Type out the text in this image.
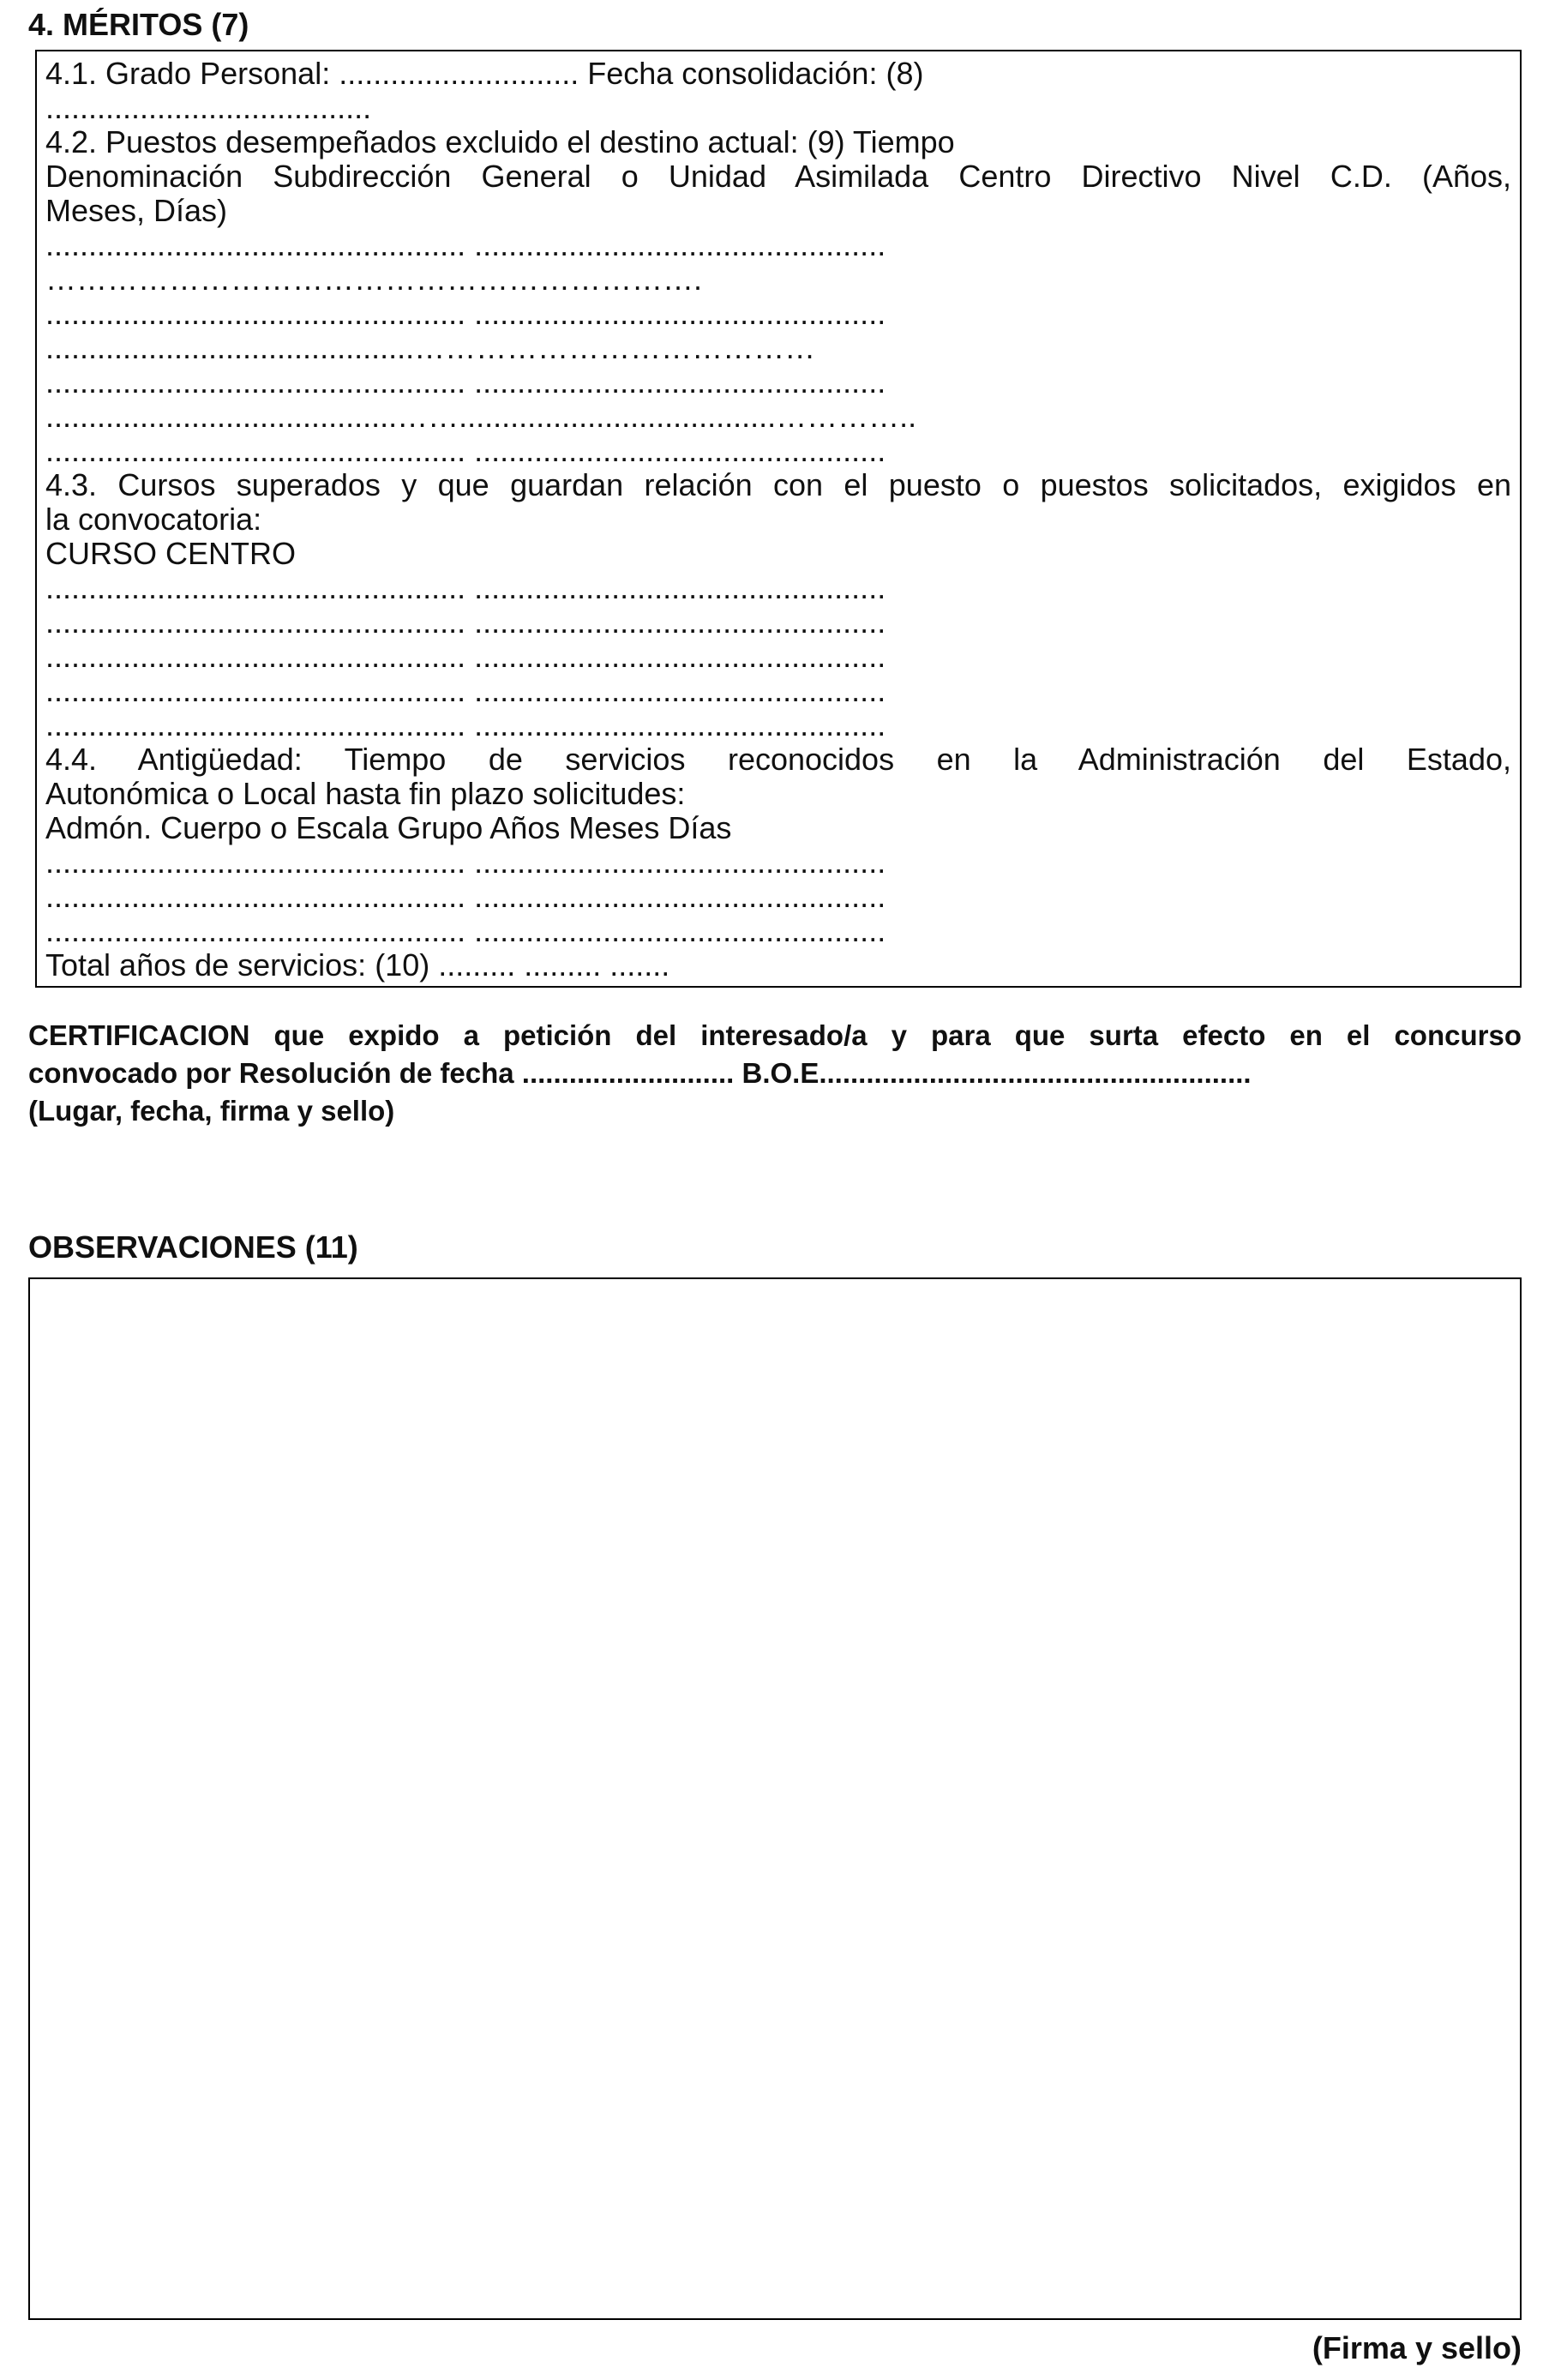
4. MÉRITOS (7)
4.1. Grado Personal: ............................ Fecha consolidación: (8)
......................................
4.2. Puestos desempeñados excluido el destino actual: (9) Tiempo
Denominación Subdirección General o Unidad Asimilada Centro Directivo Nivel C.D. (Años,
Meses, Días)
................................................. ................................................
……………………………………………………….
................................................. ................................................
...........................................…………………………………
................................................. ................................................
.........................................…….....................................…………..
................................................. ................................................
4.3. Cursos superados y que guardan relación con el puesto o puestos solicitados, exigidos en
la convocatoria:
CURSO CENTRO
................................................. ................................................
................................................. ................................................
................................................. ................................................
................................................. ................................................
................................................. ................................................
4.4. Antigüedad: Tiempo de servicios reconocidos en la Administración del Estado,
Autonómica o Local hasta fin plazo solicitudes:
Admón. Cuerpo o Escala Grupo Años Meses Días
................................................. ................................................
................................................. ................................................
................................................. ................................................
Total años de servicios: (10) ......... ......... .......
CERTIFICACION que expido a petición del interesado/a y para que surta efecto en el concurso
convocado por Resolución de fecha ........................... B.O.E.......................................................
(Lugar, fecha, firma y sello)
OBSERVACIONES (11)
(Firma y sello)
